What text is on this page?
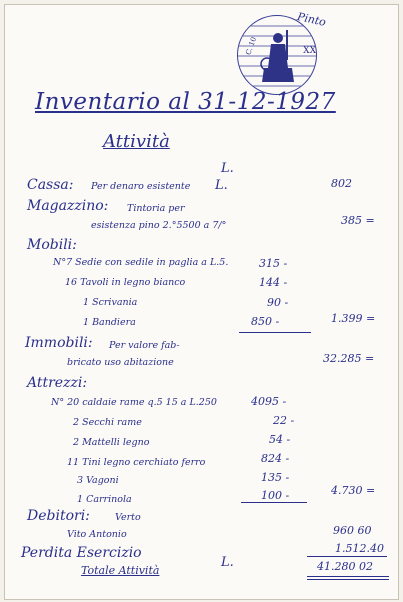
Pinto
C. 10	XX
Inventario al 31-12-1927
Attività
L.
Cassa: Per denaro esistente L.	802
Magazzino: Tintoria per
esistenza pino 2.°5500 a 7/°	385 =
Mobili:
N°7 Sedie con sedile in paglia a L.5.	315 -
16 Tavoli in legno bianco	144 -
1 Scrivania	90 -
1 Bandiera	850 -	1.399 =
Immobili: Per valore fab-
bricato uso abitazione	32.285 =
Attrezzi:
N° 20 caldaie rame q.5 15 a L.250	4095 -
2 Secchi rame	22 -
2 Mattelli legno	54 -
11 Tini legno cerchiato ferro	824 -
3 Vagoni	135 -
1 Carrinola	100 -	4.730 =
Debitori:	Verto
Vito Antonio	960 60
Perdita Esercizio	1.512.40
Totale Attività
L.	41.280 02
